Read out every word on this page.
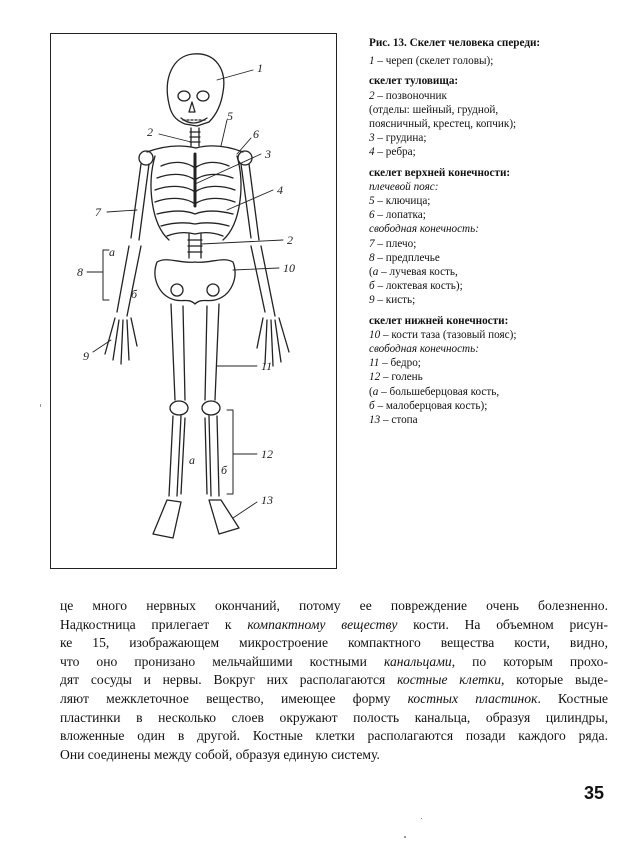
1
2
3
4
5
6
7
2
8
9
10
11
12
13
а
б
а
б
Рис. 13. Скелет человека спереди:
1 – череп (скелет головы);
скелет туловища:
2 – позвоночник
(отделы: шейный, грудной,
поясничный, крестец, копчик);
3 – грудина;
4 – ребра;
скелет верхней конечности:
плечевой пояс:
5 – ключица;
6 – лопатка;
свободная конечность:
7 – плечо;
8 – предплечье
(а – лучевая кость,
б – локтевая кость);
9 – кисть;
скелет нижней конечности:
10 – кости таза (тазовый пояс);
свободная конечность:
11 – бедро;
12 – голень
(а – большеберцовая кость,
б – малоберцовая кость);
13 – стопа
це много нервных окончаний, потому ее повреждение очень болезненно.
Надкостница прилегает к компактному веществу кости. На объемном рисун-
ке 15, изображающем микростроение компактного вещества кости, видно,
что оно пронизано мельчайшими костными канальцами, по которым прохо-
дят сосуды и нервы. Вокруг них располагаются костные клетки, которые выде-
ляют межклеточное вещество, имеющее форму костных пластинок. Костные
пластинки в несколько слоев окружают полость канальца, образуя цилиндры,
вложенные один в другой. Костные клетки располагаются позади каждого ряда.
Они соединены между собой, образуя единую систему.
35
